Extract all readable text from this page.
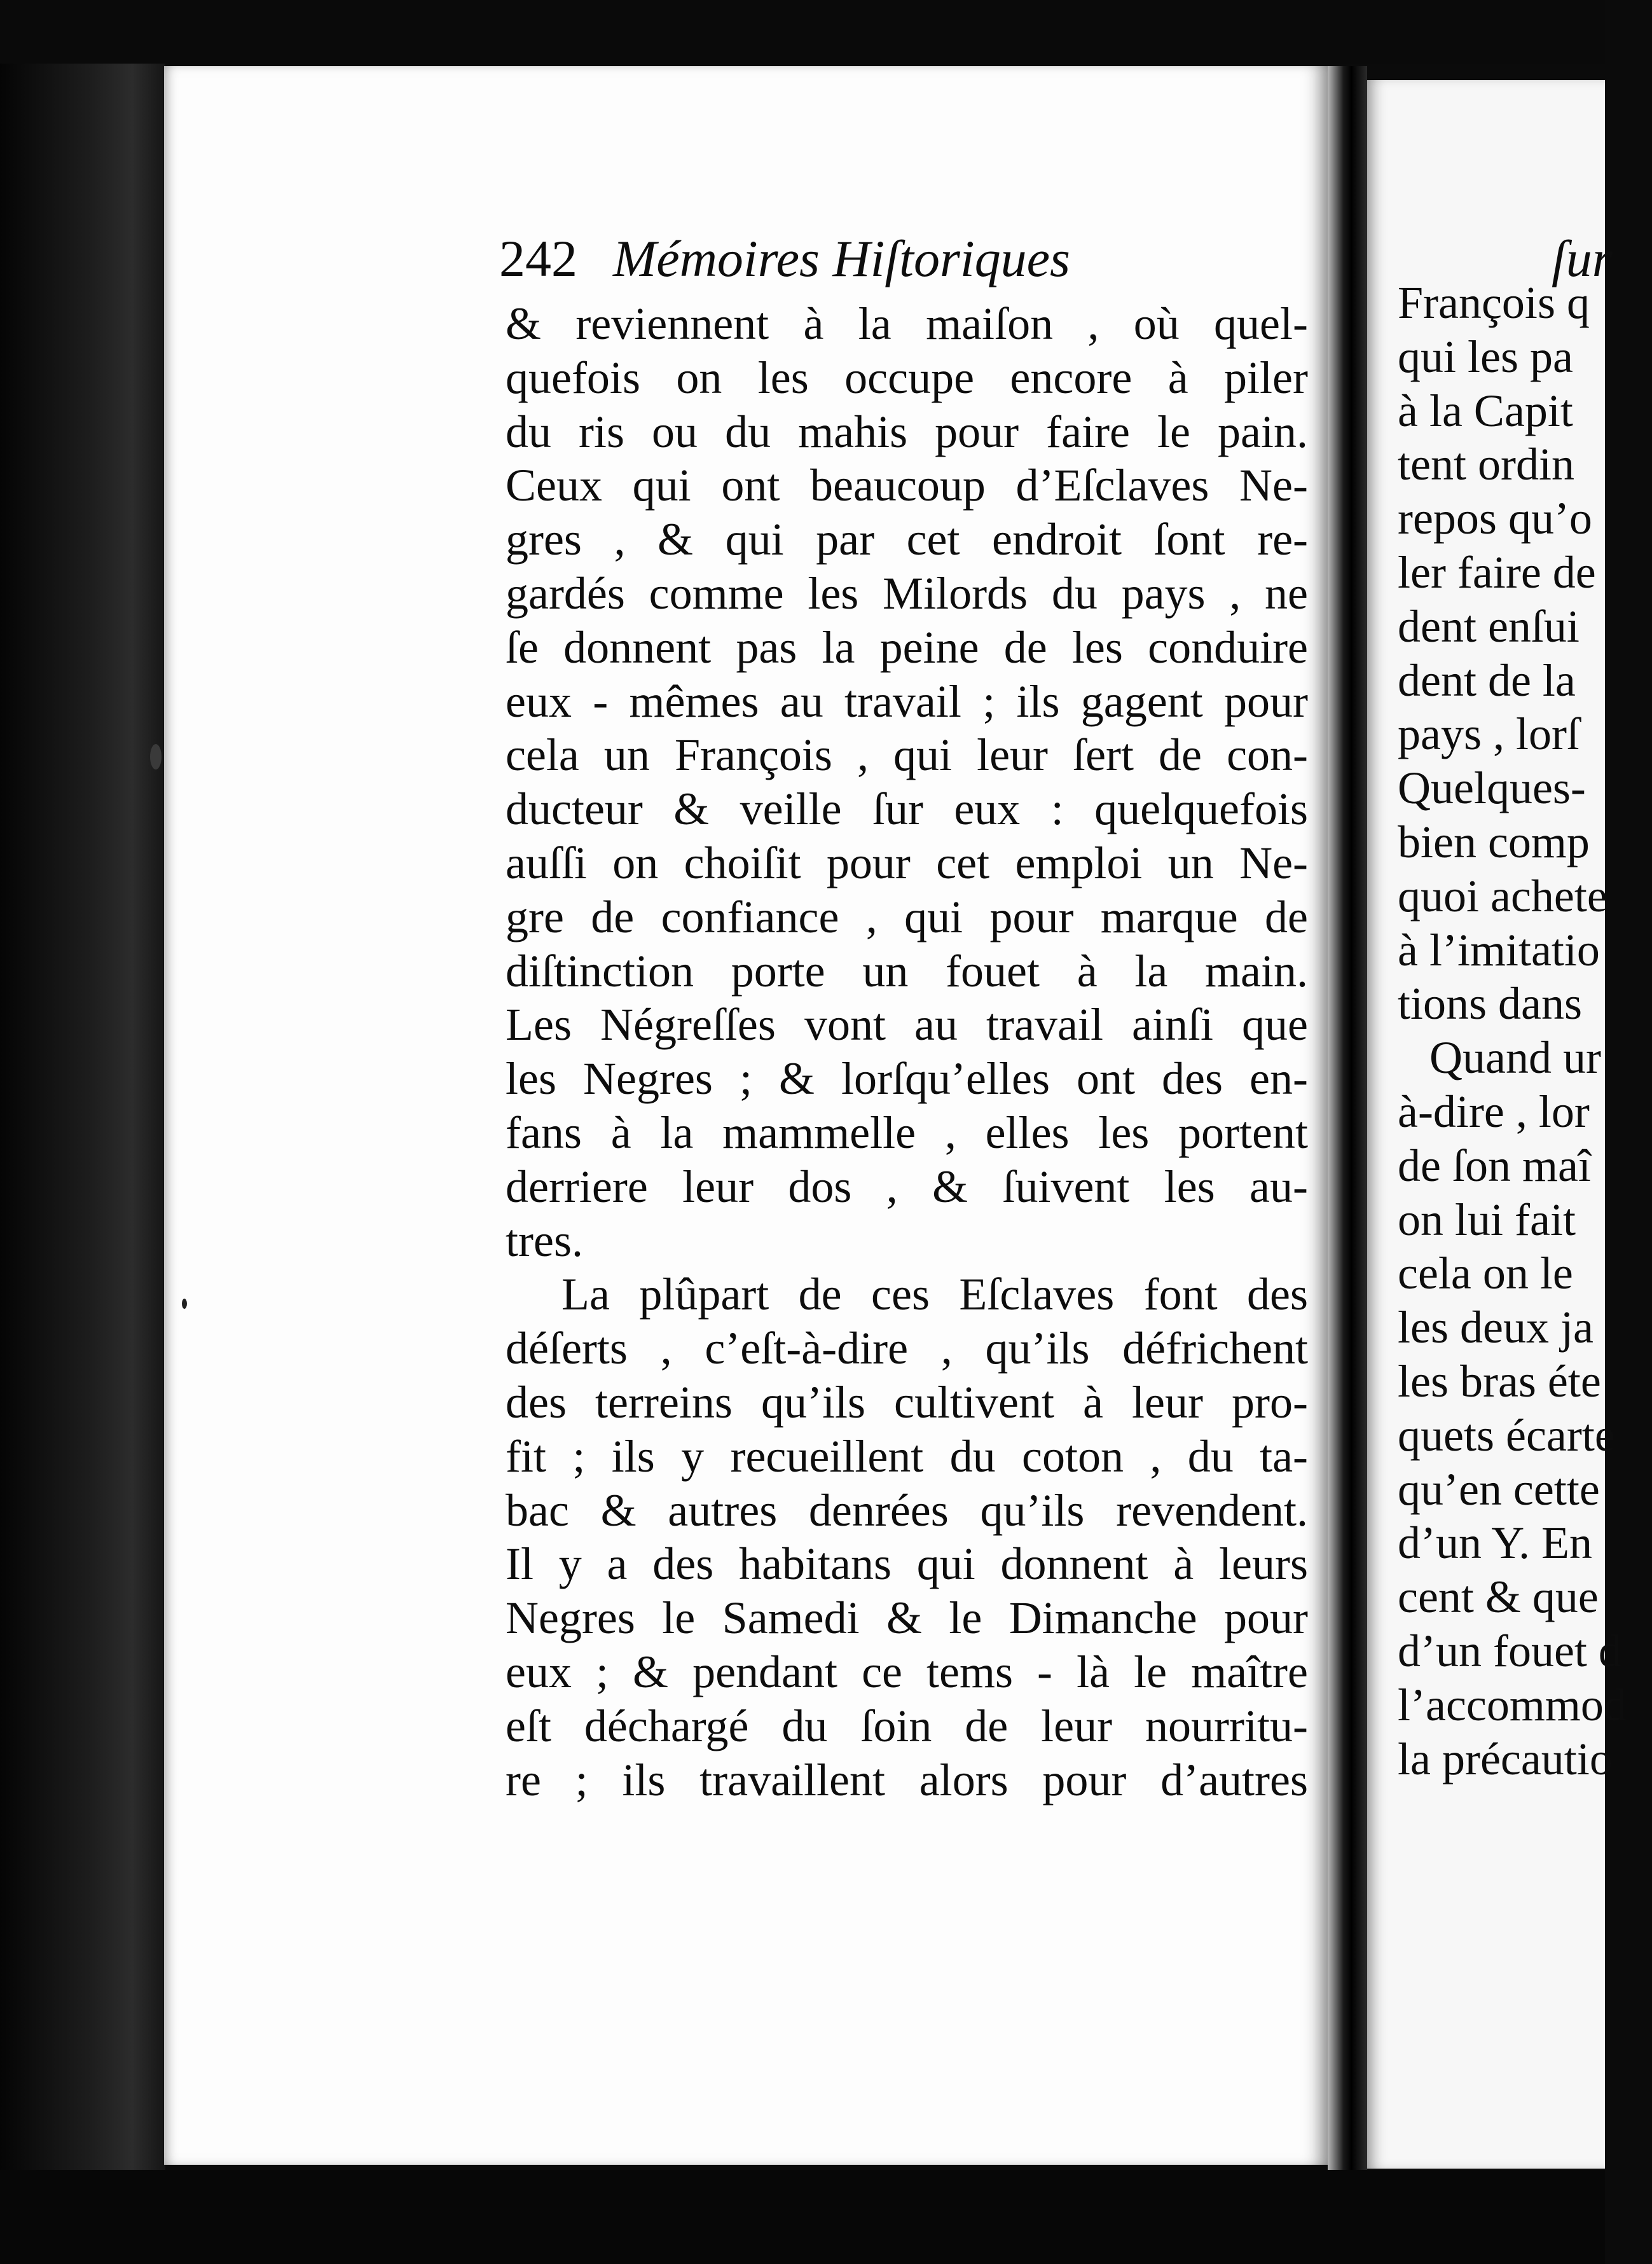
242 Mémoires Hiſtoriques
& reviennent à la maiſon , où quel-
quefois on les occupe encore à piler
du ris ou du mahis pour faire le pain.
Ceux qui ont beaucoup d’Eſclaves Ne-
gres , & qui par cet endroit ſont re-
gardés comme les Milords du pays , ne
ſe donnent pas la peine de les conduire
eux - mêmes au travail ; ils gagent pour
cela un François , qui leur ſert de con-
ducteur & veille ſur eux : quelquefois
auſſi on choiſit pour cet emploi un Ne-
gre de confiance , qui pour marque de
diſtinction porte un fouet à la main.
Les Négreſſes vont au travail ainſi que
les Negres ; & lorſqu’elles ont des en-
fans à la mammelle , elles les portent
derriere leur dos , & ſuivent les au-
tres.
La plûpart de ces Eſclaves font des
déſerts , c’eſt-à-dire , qu’ils défrichent
des terreins qu’ils cultivent à leur pro-
fit ; ils y recueillent du coton , du ta-
bac & autres denrées qu’ils revendent.
Il y a des habitans qui donnent à leurs
Negres le Samedi & le Dimanche pour
eux ; & pendant ce tems - là le maître
eſt déchargé du ſoin de leur nourritu-
re ; ils travaillent alors pour d’autres
ſur
François q
qui les pa
à la Capit
tent ordin
repos qu’o
ler faire de
dent enſui
dent de la
pays , lorſ
Quelques-
bien comp
quoi achete
à l’imitatio
tions dans
Quand ur
à-dire , lor
de ſon maî
on lui fait
cela on le
les deux ja
les bras éte
quets écarte
qu’en cette
d’un Y. En
cent & que
d’un fouet d
l’accommod
la précautio
